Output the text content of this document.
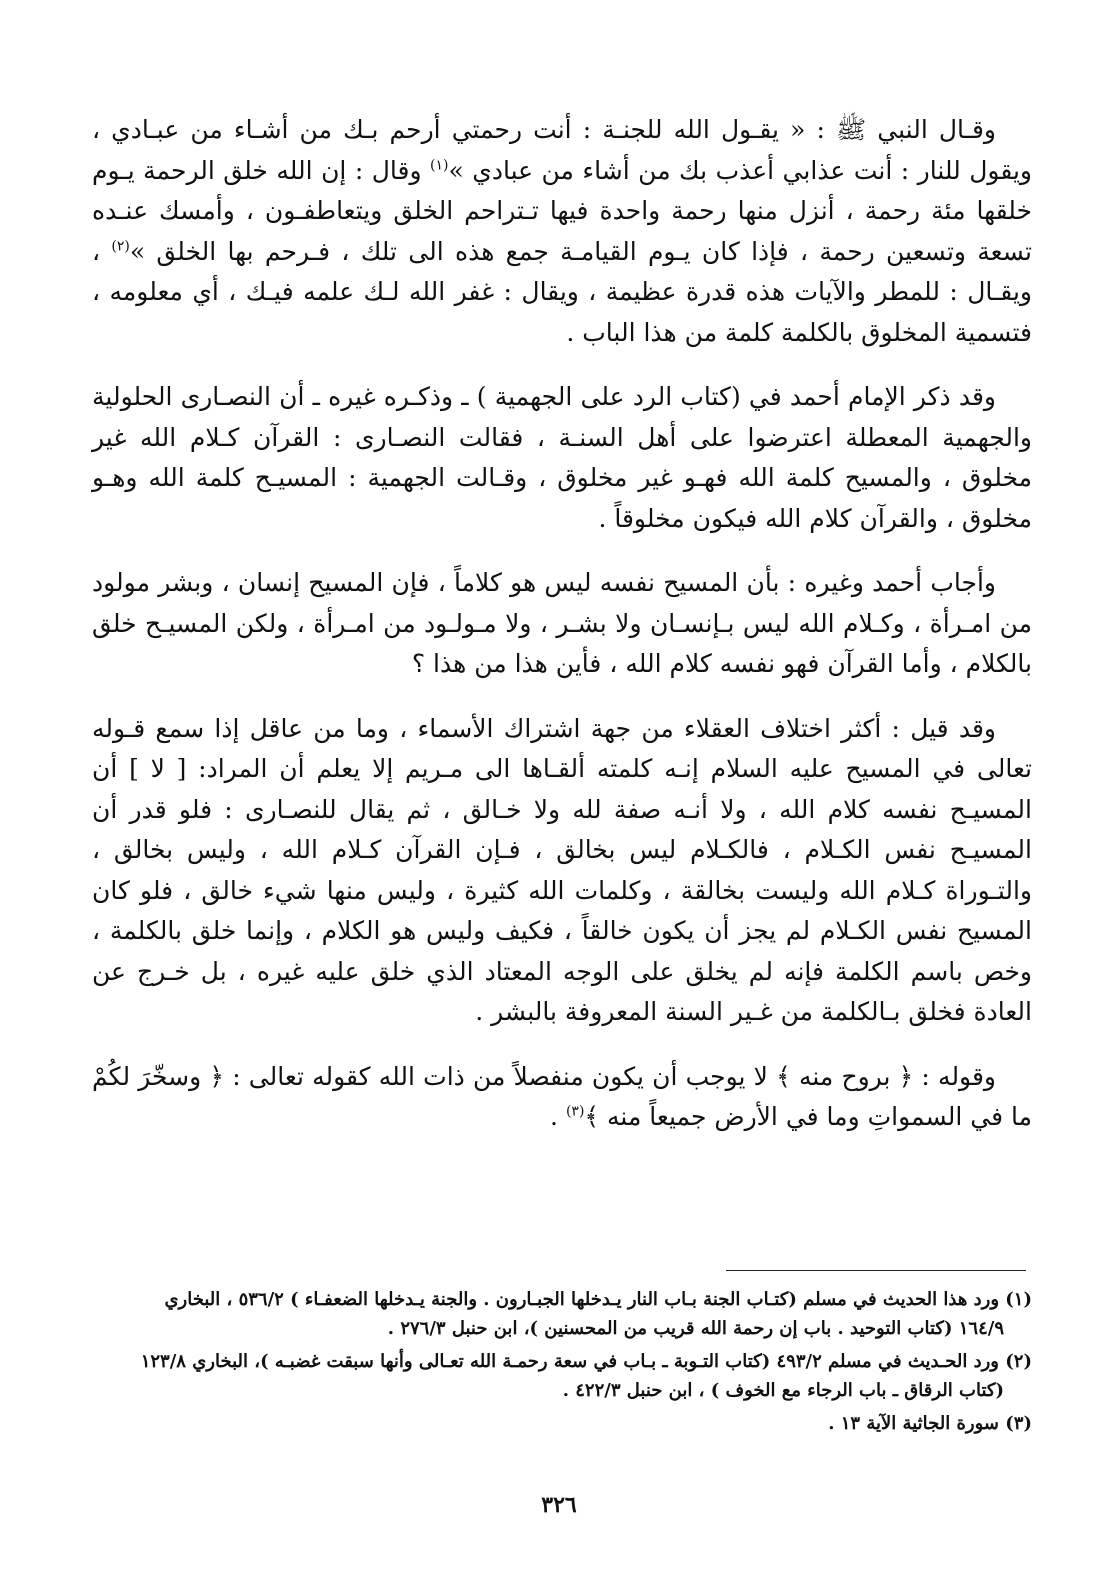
وقـال النبي ﷺ : « يقـول الله للجنـة : أنت رحمتي أرحم بـك من أشـاء من عبـادي ، ويقول للنار : أنت عذابي أعذب بك من أشاء من عبادي »$^{(١)}$ وقال : إن الله خلق الرحمة يـوم خلقها مئة رحمة ، أنزل منها رحمة واحدة فيها تـتراحم الخلق ويتعاطفـون ، وأمسك عنـده تسعة وتسعين رحمة ، فإذا كان يـوم القيامـة جمع هذه الى تلك ، فـرحم بها الخلق »$^{(٢)}$ ، ويقـال : للمطر والآيات هذه قدرة عظيمة ، ويقال : غفر الله لـك علمه فيـك ، أي معلومه ، فتسمية المخلوق بالكلمة كلمة من هذا الباب .

وقد ذكر الإمام أحمد في (كتاب الرد على الجهمية ) ـ وذكـره غيره ـ أن النصـارى الحلولية والجهمية المعطلة اعترضوا على أهل السنـة ، فقالت النصـارى : القرآن كـلام الله غير مخلوق ، والمسيح كلمة الله فهـو غير مخلوق ، وقـالت الجهمية : المسيـح كلمة الله وهـو مخلوق ، والقرآن كلام الله فيكون مخلوقاً .

وأجاب أحمد وغيره : بأن المسيح نفسه ليس هو كلاماً ، فإن المسيح إنسان ، وبشر مولود من امـرأة ، وكـلام الله ليس بـإنسـان ولا بشـر ، ولا مـولـود من امـرأة ، ولكن المسيـح خلق بالكلام ، وأما القرآن فهو نفسه كلام الله ، فأين هذا من هذا ؟

وقد قيل : أكثر اختلاف العقلاء من جهة اشتراك الأسماء ، وما من عاقل إذا سمع قـوله تعالى في المسيح عليه السلام إنـه كلمته ألقـاها الى مـريم إلا يعلم أن المراد: [ لا ] أن المسيـح نفسه كلام الله ، ولا أنـه صفة لله ولا خـالق ، ثم يقال للنصـارى : فلو قدر أن المسيـح نفس الكـلام ، فالكـلام ليس بخالق ، فـإن القرآن كـلام الله ، وليس بخالق ، والتـوراة كـلام الله وليست بخالقة ، وكلمات الله كثيرة ، وليس منها شيء خالق ، فلو كان المسيح نفس الكـلام لم يجز أن يكون خالقاً ، فكيف وليس هو الكلام ، وإنما خلق بالكلمة ، وخص باسم الكلمة فإنه لم يخلق على الوجه المعتاد الذي خلق عليه غيره ، بل خـرج عن العادة فخلق بـالكلمة من غـير السنة المعروفة بالبشر .

وقوله : ﴿ بروح منه ﴾ لا يوجب أن يكون منفصلاً من ذات الله كقوله تعالى : ﴿ وسخّرَ لكُمْ ما في السمواتِ وما في الأرض جميعاً منه ﴾$^{(٣)}$ .

(١) ورد هذا الحديث في مسلم (كتـاب الجنة بـاب النار يـدخلها الجبـارون . والجنة يـدخلها الضعفـاء ) ٥٣٦/٢ ، البخاري
١٦٤/٩ (كتاب التوحيد . باب إن رحمة الله قريب من المحسنين )، ابن حنبل ٢٧٦/٣ .
(٢) ورد الحـديث في مسلم ٤٩٣/٢ (كتاب التـوبة ـ بـاب في سعة رحمـة الله تعـالى وأنها سبقت غضبـه )، البخاري ١٢٣/٨
(كتاب الرقاق ـ باب الرجاء مع الخوف ) ، ابن حنبل ٤٢٢/٣ .
(٣) سورة الجاثية الآية ١٣ .
٣٢٦
